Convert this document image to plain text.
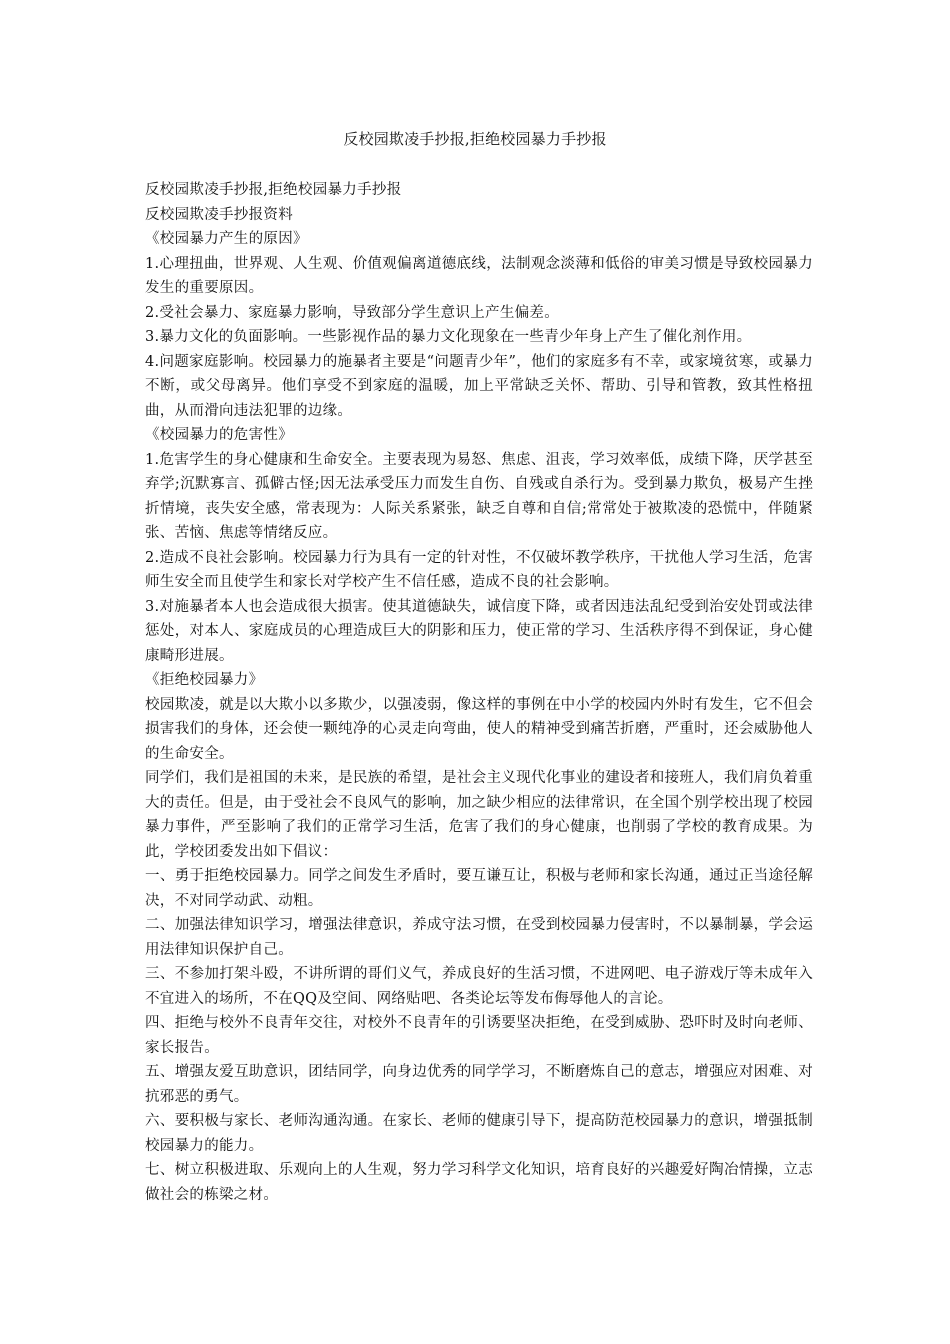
反校园欺凌手抄报,拒绝校园暴力手抄报

反校园欺凌手抄报,拒绝校园暴力手抄报

反校园欺凌手抄报资料

《校园暴力产生的原因》

1.心理扭曲，世界观、人生观、价值观偏离道德底线，法制观念淡薄和低俗的审美习惯是导致校园暴力发生的重要原因。

2.受社会暴力、家庭暴力影响，导致部分学生意识上产生偏差。

3.暴力文化的负面影响。一些影视作品的暴力文化现象在一些青少年身上产生了催化剂作用。

4.问题家庭影响。校园暴力的施暴者主要是“问题青少年”，他们的家庭多有不幸，或家境贫寒，或暴力不断，或父母离异。他们享受不到家庭的温暖，加上平常缺乏关怀、帮助、引导和管教，致其性格扭曲，从而滑向违法犯罪的边缘。

《校园暴力的危害性》

1.危害学生的身心健康和生命安全。主要表现为易怒、焦虑、沮丧，学习效率低，成绩下降，厌学甚至弃学;沉默寡言、孤僻古怪;因无法承受压力而发生自伤、自残或自杀行为。受到暴力欺负，极易产生挫折情境，丧失安全感，常表现为：人际关系紧张，缺乏自尊和自信;常常处于被欺凌的恐慌中，伴随紧张、苦恼、焦虑等情绪反应。

2.造成不良社会影响。校园暴力行为具有一定的针对性，不仅破坏教学秩序，干扰他人学习生活，危害师生安全而且使学生和家长对学校产生不信任感，造成不良的社会影响。

3.对施暴者本人也会造成很大损害。使其道德缺失，诚信度下降，或者因违法乱纪受到治安处罚或法律惩处，对本人、家庭成员的心理造成巨大的阴影和压力，使正常的学习、生活秩序得不到保证，身心健康畸形进展。

《拒绝校园暴力》

校园欺凌，就是以大欺小以多欺少，以强凌弱，像这样的事例在中小学的校园内外时有发生，它不但会损害我们的身体，还会使一颗纯净的心灵走向弯曲，使人的精神受到痛苦折磨，严重时，还会威胁他人的生命安全。

同学们，我们是祖国的未来，是民族的希望，是社会主义现代化事业的建设者和接班人，我们肩负着重大的责任。但是，由于受社会不良风气的影响，加之缺少相应的法律常识，在全国个别学校出现了校园暴力事件，严至影响了我们的正常学习生活，危害了我们的身心健康，也削弱了学校的教育成果。为此，学校团委发出如下倡议：

一、勇于拒绝校园暴力。同学之间发生矛盾时，要互谦互让，积极与老师和家长沟通，通过正当途径解决，不对同学动武、动粗。

二、加强法律知识学习，增强法律意识，养成守法习惯，在受到校园暴力侵害时，不以暴制暴，学会运用法律知识保护自己。

三、不参加打架斗殴，不讲所谓的哥们义气，养成良好的生活习惯，不进网吧、电子游戏厅等未成年入不宜进入的场所，不在QQ及空间、网络贴吧、各类论坛等发布侮辱他人的言论。

四、拒绝与校外不良青年交往，对校外不良青年的引诱要坚决拒绝，在受到威胁、恐吓时及时向老师、家长报告。

五、增强友爱互助意识，团结同学，向身边优秀的同学学习，不断磨炼自己的意志，增强应对困难、对抗邪恶的勇气。

六、要积极与家长、老师沟通沟通。在家长、老师的健康引导下，提高防范校园暴力的意识，增强抵制校园暴力的能力。

七、树立积极进取、乐观向上的人生观，努力学习科学文化知识，培育良好的兴趣爱好陶冶情操，立志做社会的栋梁之材。
